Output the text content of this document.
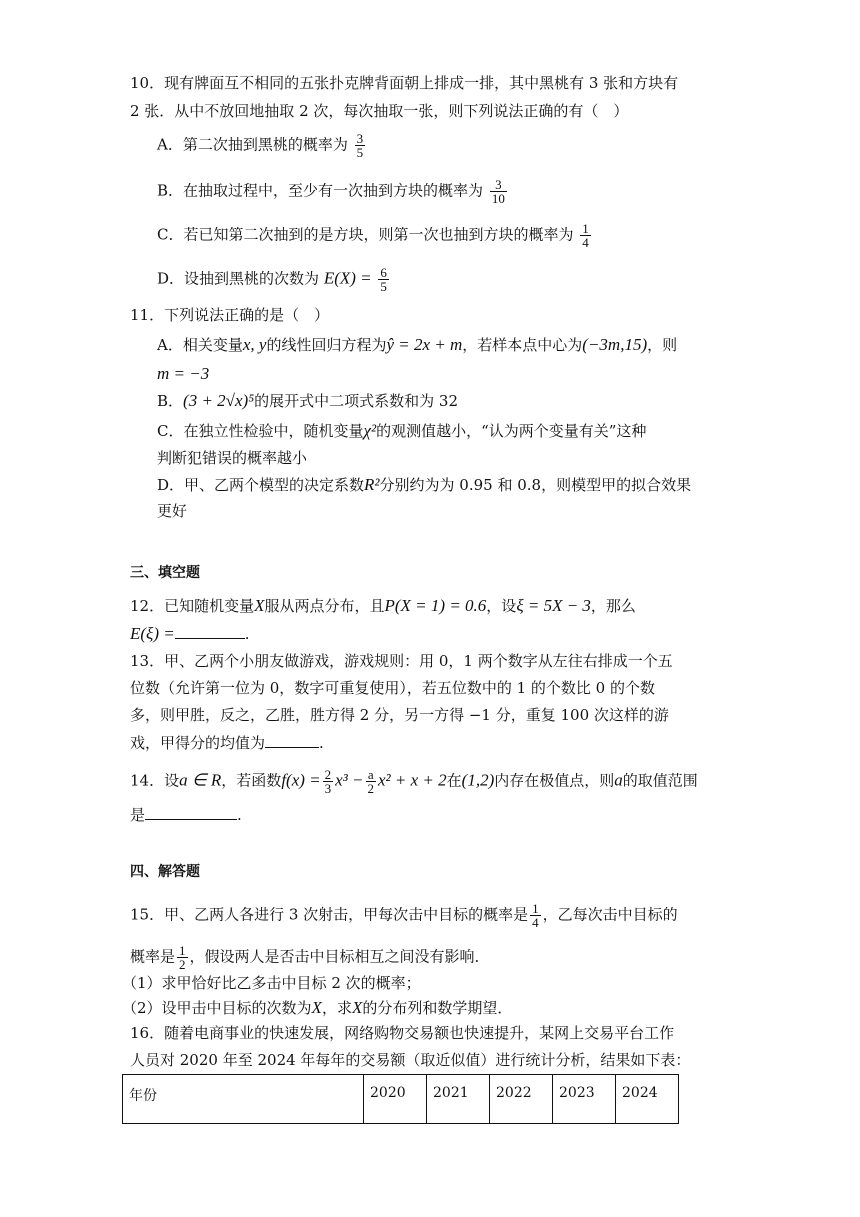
10．现有牌面互不相同的五张扑克牌背面朝上排成一排，其中黑桃有 3 张和方块有
2 张．从中不放回地抽取 2 次，每次抽取一张，则下列说法正确的有（　）
A．第二次抽到黑桃的概率为 $\frac{3}{5}$
B．在抽取过程中，至少有一次抽到方块的概率为 $\frac{3}{10}$
C．若已知第二次抽到的是方块，则第一次也抽到方块的概率为 $\frac{1}{4}$
D．设抽到黑桃的次数为 $E(X) = \frac{6}{5}$
11．下列说法正确的是（　）
A．相关变量x, y的线性回归方程为ŷ = 2x + m，若样本点中心为(−3m,15)，则
m = −3
B．(3 + 2√x)⁵的展开式中二项式系数和为 32
C．在独立性检验中，随机变量χ²的观测值越小，“认为两个变量有关”这种
判断犯错误的概率越小
D．甲、乙两个模型的决定系数R²分别约为为 0.95 和 0.8，则模型甲的拟合效果
更好
三、填空题
12．已知随机变量X服从两点分布，且P(X = 1) = 0.6，设ξ = 5X − 3，那么
E(ξ) =	.
13．甲、乙两个小朋友做游戏，游戏规则：用 0，1 两个数字从左往右排成一个五
位数（允许第一位为 0，数字可重复使用），若五位数中的 1 的个数比 0 的个数
多，则甲胜，反之，乙胜，胜方得 2 分，另一方得 −1 分，重复 100 次这样的游
戏，甲得分的均值为	.
14．设a ∈ R，若函数$f(x) = \frac{2}{3} x^3 - \frac{a}{2} x^2 + x + 2$在(1,2)内存在极值点，则a的取值范围
是	.
四、解答题
15．甲、乙两人各进行 3 次射击，甲每次击中目标的概率是 $\frac{1}{4}$ ，乙每次击中目标的
概率是 $\frac{1}{2}$ ，假设两人是否击中目标相互之间没有影响．
（1）求甲恰好比乙多击中目标 2 次的概率；
（2）设甲击中目标的次数为X，求X的分布列和数学期望．
16．随着电商事业的快速发展，网络购物交易额也快速提升，某网上交易平台工作
人员对 2020 年至 2024 年每年的交易额（取近似值）进行统计分析，结果如下表：
年份	2020	2021	2022	2023	2024
